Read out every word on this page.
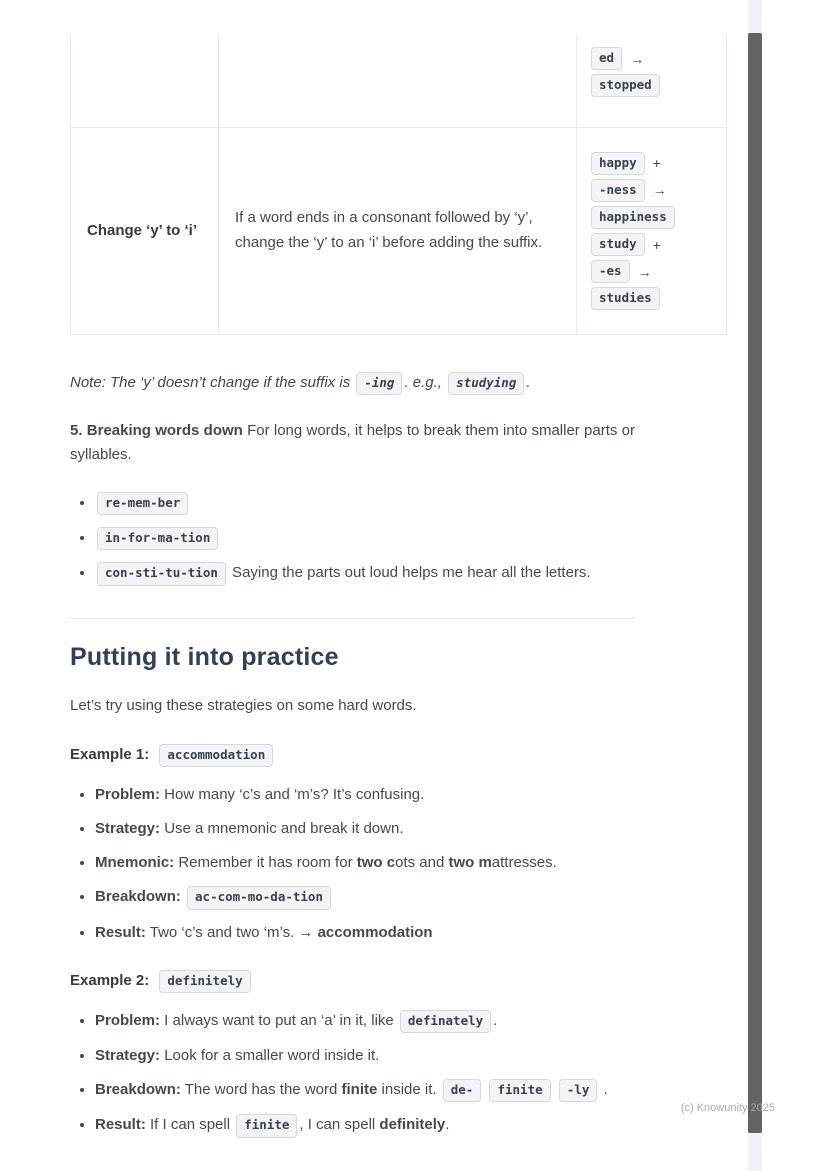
		ed →
stopped

Change ‘y’ to ‘i’	If a word ends in a consonant followed by ‘y’, change the ‘y’ to an ‘i’ before adding the suffix.	
happy	+
-ness	→
happiness
study	+
-es	→
studies

Note: The ‘y’ doesn’t change if the suffix is -ing . e.g., studying .

5. Breaking words down For long words, it helps to break them into smaller parts or syllables.

• re-mem-ber
• in-for-ma-tion
• con-sti-tu-tion Saying the parts out loud helps me hear all the letters.
Putting it into practice

Let’s try using these strategies on some hard words.

Example 1: accommodation

• Problem: How many ‘c’s and ‘m’s? It’s confusing.
• Strategy: Use a mnemonic and break it down.
• Mnemonic: Remember it has room for two cots and two mattresses.
• Breakdown: ac-com-mo-da-tion
• Result: Two ‘c’s and two ‘m’s. → accommodation

Example 2: definitely

• Problem: I always want to put an ‘a’ in it, like definately .
• Strategy: Look for a smaller word inside it.
• Breakdown: The word has the word finite inside it. de- finite -ly .
• Result: If I can spell finite , I can spell definitely.
(c) Knowunity 2025
